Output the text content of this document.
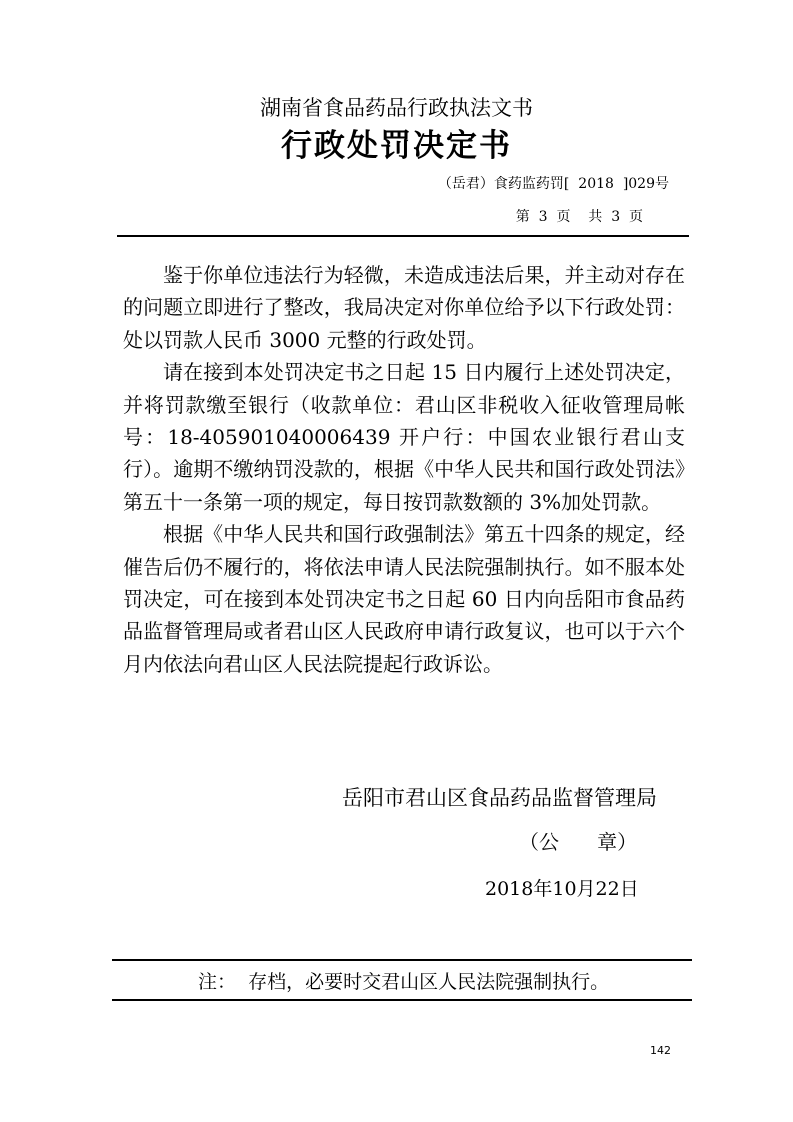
湖南省食品药品行政执法文书
行政处罚决定书
（岳君）食药监药罚[  2018  ]029号
第  3  页    共  3  页

鉴于你单位违法行为轻微，未造成违法后果，并主动对存在的问题立即进行了整改，我局决定对你单位给予以下行政处罚：处以罚款人民币 3000 元整的行政处罚。

请在接到本处罚决定书之日起 15 日内履行上述处罚决定，并将罚款缴至银行（收款单位：君山区非税收入征收管理局帐号：18-405901040006439 开户行：中国农业银行君山支行）。逾期不缴纳罚没款的，根据《中华人民共和国行政处罚法》第五十一条第一项的规定，每日按罚款数额的 3%加处罚款。

根据《中华人民共和国行政强制法》第五十四条的规定，经催告后仍不履行的，将依法申请人民法院强制执行。如不服本处罚决定，可在接到本处罚决定书之日起 60 日内向岳阳市食品药品监督管理局或者君山区人民政府申请行政复议，也可以于六个月内依法向君山区人民法院提起行政诉讼。

岳阳市君山区食品药品监督管理局
（公      章）
2018年10月22日
注：  存档，必要时交君山区人民法院强制执行。
142
